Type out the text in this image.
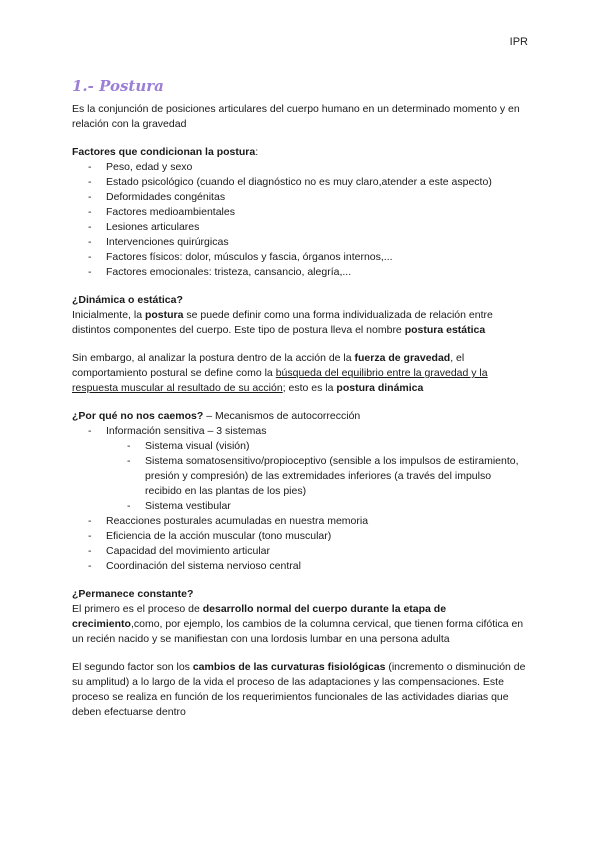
IPR
1.- Postura

Es la conjunción de posiciones articulares del cuerpo humano en un determinado momento y en relación con la gravedad

Factores que condicionan la postura:

- Peso, edad y sexo
- Estado psicológico (cuando el diagnóstico no es muy claro,atender a este aspecto)
- Deformidades congénitas
- Factores medioambientales
- Lesiones articulares
- Intervenciones quirúrgicas
- Factores físicos: dolor, músculos y fascia, órganos internos,...
- Factores emocionales: tristeza, cansancio, alegría,...

¿Dinámica o estática?

Inicialmente, la postura se puede definir como una forma individualizada de relación entre distintos componentes del cuerpo. Este tipo de postura lleva el nombre postura estática

Sin embargo, al analizar la postura dentro de la acción de la fuerza de gravedad, el comportamiento postural se define como la búsqueda del equilibrio entre la gravedad y la respuesta muscular al resultado de su acción; esto es la postura dinámica

¿Por qué no nos caemos? – Mecanismos de autocorrección

- Información sensitiva – 3 sistemas
- Sistema visual (visión)
- Sistema somatosensitivo/propioceptivo (sensible a los impulsos de estiramiento, presión y compresión) de las extremidades inferiores (a través del impulso recibido en las plantas de los pies)
- Sistema vestibular
- Reacciones posturales acumuladas en nuestra memoria
- Eficiencia de la acción muscular (tono muscular)
- Capacidad del movimiento articular
- Coordinación del sistema nervioso central

¿Permanece constante?

El primero es el proceso de desarrollo normal del cuerpo durante la etapa de crecimiento,como, por ejemplo, los cambios de la columna cervical, que tienen forma cifótica en un recién nacido y se manifiestan con una lordosis lumbar en una persona adulta

El segundo factor son los cambios de las curvaturas fisiológicas (incremento o disminución de su amplitud) a lo largo de la vida el proceso de las adaptaciones y las compensaciones. Este proceso se realiza en función de los requerimientos funcionales de las actividades diarias que deben efectuarse dentro
